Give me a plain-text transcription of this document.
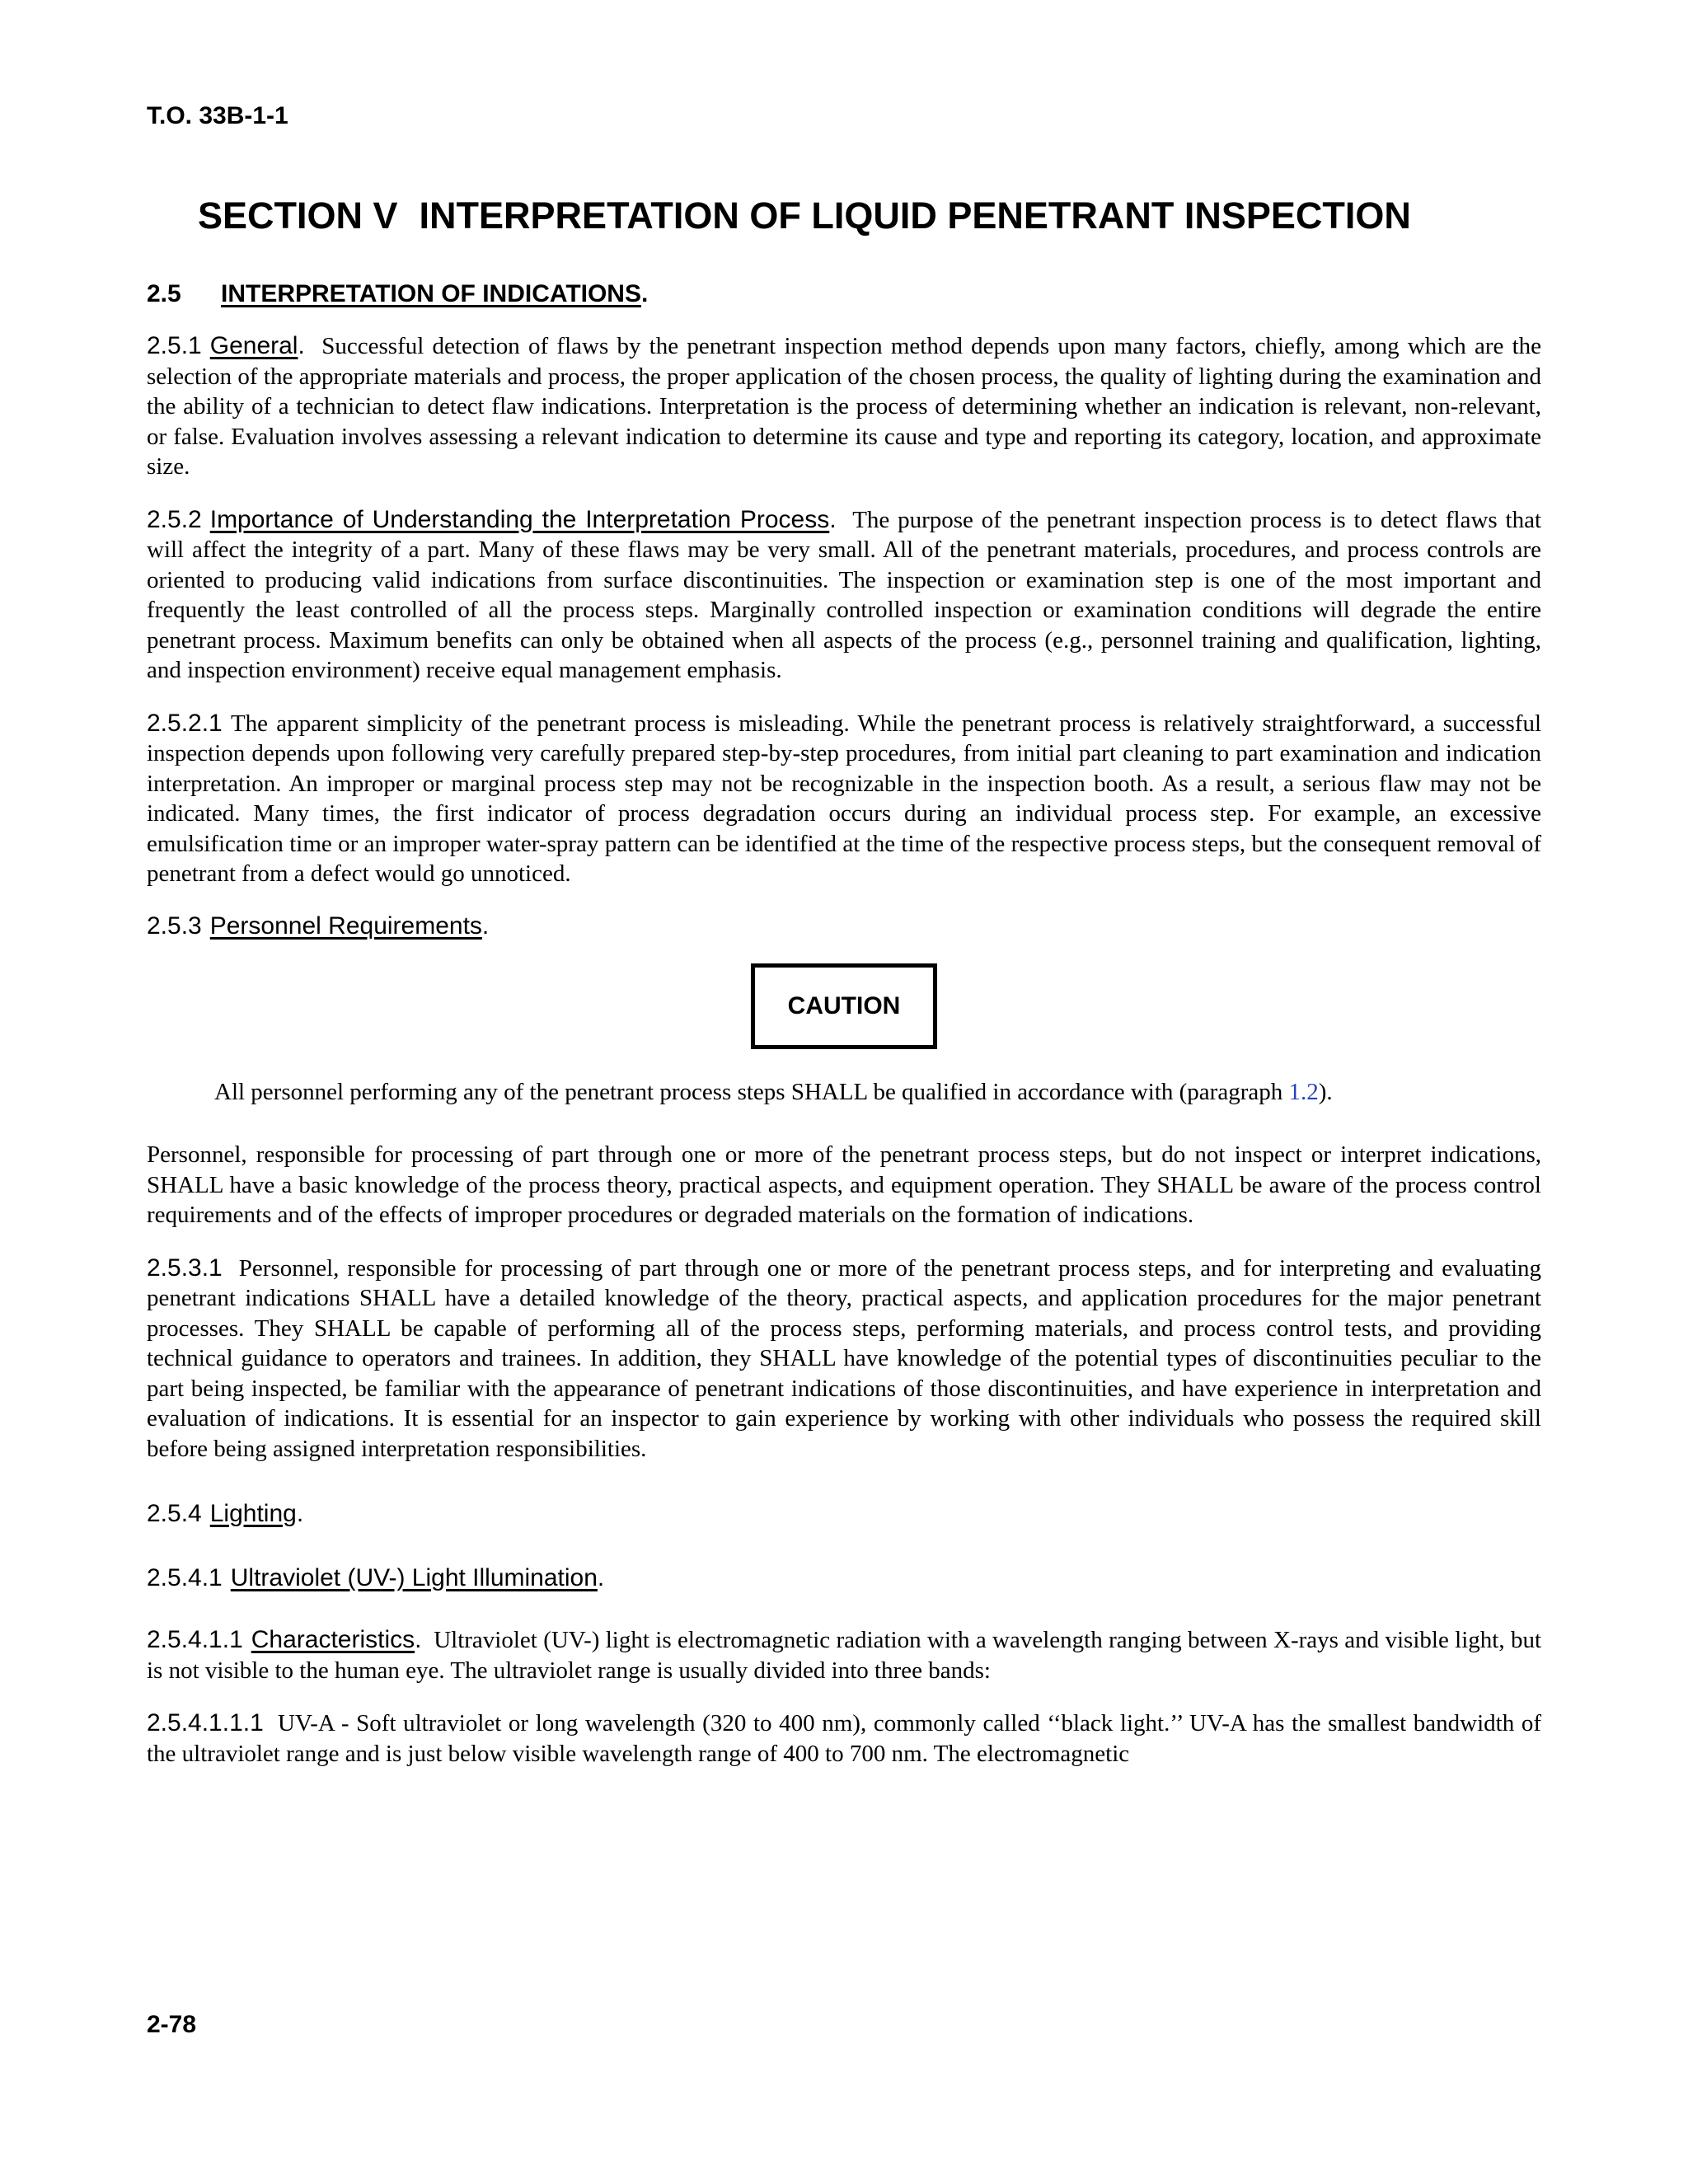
T.O. 33B-1-1

SECTION V INTERPRETATION OF LIQUID PENETRANT INSPECTION
2.5 INTERPRETATION OF INDICATIONS.

2.5.1 General. Successful detection of flaws by the penetrant inspection method depends upon many factors, chiefly, among which are the selection of the appropriate materials and process, the proper application of the chosen process, the quality of lighting during the examination and the ability of a technician to detect flaw indications. Interpretation is the process of determining whether an indication is relevant, non-relevant, or false. Evaluation involves assessing a relevant indication to determine its cause and type and reporting its category, location, and approximate size.

2.5.2 Importance of Understanding the Interpretation Process. The purpose of the penetrant inspection process is to detect flaws that will affect the integrity of a part. Many of these flaws may be very small. All of the penetrant materials, procedures, and process controls are oriented to producing valid indications from surface discontinuities. The inspection or examination step is one of the most important and frequently the least controlled of all the process steps. Marginally controlled inspection or examination conditions will degrade the entire penetrant process. Maximum benefits can only be obtained when all aspects of the process (e.g., personnel training and qualification, lighting, and inspection environment) receive equal management emphasis.

2.5.2.1 The apparent simplicity of the penetrant process is misleading. While the penetrant process is relatively straightforward, a successful inspection depends upon following very carefully prepared step-by-step procedures, from initial part cleaning to part examination and indication interpretation. An improper or marginal process step may not be recognizable in the inspection booth. As a result, a serious flaw may not be indicated. Many times, the first indicator of process degradation occurs during an individual process step. For example, an excessive emulsification time or an improper water-spray pattern can be identified at the time of the respective process steps, but the consequent removal of penetrant from a defect would go unnoticed.

2.5.3 Personnel Requirements.
CAUTION
All personnel performing any of the penetrant process steps SHALL be qualified in accordance with (paragraph 1.2).

Personnel, responsible for processing of part through one or more of the penetrant process steps, but do not inspect or interpret indications, SHALL have a basic knowledge of the process theory, practical aspects, and equipment operation. They SHALL be aware of the process control requirements and of the effects of improper procedures or degraded materials on the formation of indications.

2.5.3.1 Personnel, responsible for processing of part through one or more of the penetrant process steps, and for interpreting and evaluating penetrant indications SHALL have a detailed knowledge of the theory, practical aspects, and application procedures for the major penetrant processes. They SHALL be capable of performing all of the process steps, performing materials, and process control tests, and providing technical guidance to operators and trainees. In addition, they SHALL have knowledge of the potential types of discontinuities peculiar to the part being inspected, be familiar with the appearance of penetrant indications of those discontinuities, and have experience in interpretation and evaluation of indications. It is essential for an inspector to gain experience by working with other individuals who possess the required skill before being assigned interpretation responsibilities.

2.5.4 Lighting.
2.5.4.1 Ultraviolet (UV-) Light Illumination.

2.5.4.1.1 Characteristics. Ultraviolet (UV-) light is electromagnetic radiation with a wavelength ranging between X-rays and visible light, but is not visible to the human eye. The ultraviolet range is usually divided into three bands:

2.5.4.1.1.1 UV-A - Soft ultraviolet or long wavelength (320 to 400 nm), commonly called ‘‘black light.’’ UV-A has the smallest bandwidth of the ultraviolet range and is just below visible wavelength range of 400 to 700 nm. The electromagnetic

2-78
